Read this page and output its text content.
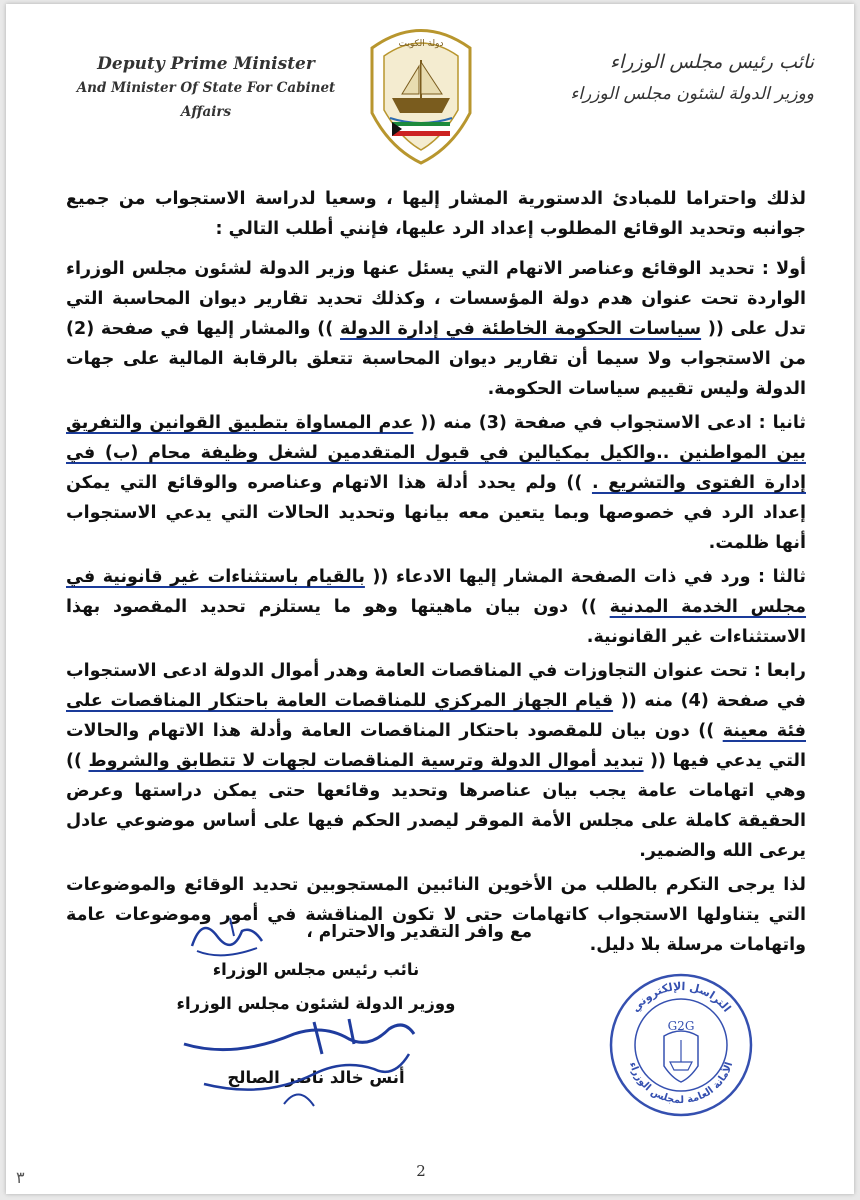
Deputy Prime Minister
And Minister Of State For Cabinet Affairs
دولة الكويت
نائب رئيس مجلس الوزراء
ووزير الدولة لشئون مجلس الوزراء

لذلك واحتراما للمبادئ الدستورية المشار إليها ، وسعيا لدراسة الاستجواب من جميع جوانبه وتحديد الوقائع المطلوب إعداد الرد عليها، فإنني أطلب التالي :

أولا : تحديد الوقائع وعناصر الاتهام التي يسئل عنها وزير الدولة لشئون مجلس الوزراء الواردة تحت عنوان هدم دولة المؤسسات ، وكذلك تحديد تقارير ديوان المحاسبة التي تدل على (( سياسات الحكومة الخاطئة في إدارة الدولة )) والمشار إليها في صفحة (2) من الاستجواب ولا سيما أن تقارير ديوان المحاسبة تتعلق بالرقابة المالية على جهات الدولة وليس تقييم سياسات الحكومة.

ثانيا : ادعى الاستجواب في صفحة (3) منه (( عدم المساواة بتطبيق القوانين والتفريق بين المواطنين ..والكيل بمكيالين في قبول المتقدمين لشغل وظيفة محام (ب) في إدارة الفتوى والتشريع . )) ولم يحدد أدلة هذا الاتهام وعناصره والوقائع التي يمكن إعداد الرد في خصوصها وبما يتعين معه بيانها وتحديد الحالات التي يدعي الاستجواب أنها ظلمت.

ثالثا : ورد في ذات الصفحة المشار إليها الادعاء (( بالقيام باستثناءات غير قانونية في مجلس الخدمة المدنية )) دون بيان ماهيتها وهو ما يستلزم تحديد المقصود بهذا الاستثناءات غير القانونية.

رابعا : تحت عنوان التجاوزات في المناقصات العامة وهدر أموال الدولة ادعى الاستجواب في صفحة (4) منه (( قيام الجهاز المركزي للمناقصات العامة باحتكار المناقصات على فئة معينة )) دون بيان للمقصود باحتكار المناقصات العامة وأدلة هذا الاتهام والحالات التي يدعي فيها (( تبديد أموال الدولة وترسية المناقصات لجهات لا تتطابق والشروط )) وهي اتهامات عامة يجب بيان عناصرها وتحديد وقائعها حتى يمكن دراستها وعرض الحقيقة كاملة على مجلس الأمة الموقر ليصدر الحكم فيها على أساس موضوعي عادل يرعى الله والضمير.

لذا يرجى التكرم بالطلب من الأخوين النائبين المستجوبين تحديد الوقائع والموضوعات التي يتناولها الاستجواب كاتهامات حتى لا تكون المناقشة في أمور وموضوعات عامة واتهامات مرسلة بلا دليل.

مع وافر التقدير والاحترام ،
نائب رئيس مجلس الوزراء
ووزير الدولة لشئون مجلس الوزراء
أنس خالد ناصر الصالح
التراسل الإلكتروني
الأمانة العامة لمجلس الوزراء
G2G
2
٣
